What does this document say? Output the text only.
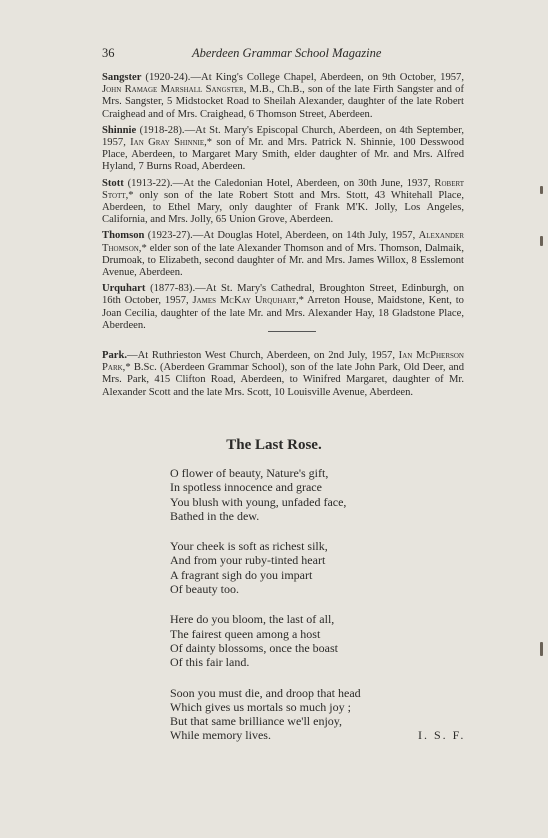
36	Aberdeen Grammar School Magazine

Sangster (1920-24).—At King's College Chapel, Aberdeen, on 9th October, 1957, John Ramage Marshall Sangster, M.B., Ch.B., son of the late Firth Sangster and of Mrs. Sangster, 5 Midstocket Road to Sheilah Alexander, daughter of the late Robert Craighead and of Mrs. Craighead, 6 Thomson Street, Aberdeen.

Shinnie (1918-28).—At St. Mary's Episcopal Church, Aberdeen, on 4th September, 1957, Ian Gray Shinnie,* son of Mr. and Mrs. Patrick N. Shinnie, 100 Desswood Place, Aberdeen, to Margaret Mary Smith, elder daughter of Mr. and Mrs. Alfred Hyland, 7 Burns Road, Aberdeen.

Stott (1913-22).—At the Caledonian Hotel, Aberdeen, on 30th June, 1937, Robert Stott,* only son of the late Robert Stott and Mrs. Stott, 43 Whitehall Place, Aberdeen, to Ethel Mary, only daughter of Frank M'K. Jolly, Los Angeles, California, and Mrs. Jolly, 65 Union Grove, Aberdeen.

Thomson (1923-27).—At Douglas Hotel, Aberdeen, on 14th July, 1957, Alexander Thomson,* elder son of the late Alexander Thomson and of Mrs. Thomson, Dalmaik, Drumoak, to Elizabeth, second daughter of Mr. and Mrs. James Willox, 8 Esslemont Avenue, Aberdeen.

Urquhart (1877-83).—At St. Mary's Cathedral, Broughton Street, Edinburgh, on 16th October, 1957, James McKay Urquhart,* Arreton House, Maidstone, Kent, to Joan Cecilia, daughter of the late Mr. and Mrs. Alexander Hay, 18 Gladstone Place, Aberdeen.

Park.—At Ruthrieston West Church, Aberdeen, on 2nd July, 1957, Ian McPherson Park,* B.Sc. (Aberdeen Grammar School), son of the late John Park, Old Deer, and Mrs. Park, 415 Clifton Road, Aberdeen, to Winifred Margaret, daughter of Mr. Alexander Scott and the late Mrs. Scott, 10 Louisville Avenue, Aberdeen.

The Last Rose.
O flower of beauty, Nature's gift,
In spotless innocence and grace
You blush with young, unfaded face,
Bathed in the dew.
Your cheek is soft as richest silk,
And from your ruby-tinted heart
A fragrant sigh do you impart
Of beauty too.
Here do you bloom, the last of all,
The fairest queen among a host
Of dainty blossoms, once the boast
Of this fair land.
Soon you must die, and droop that head
Which gives us mortals so much joy ;
But that same brilliance we'll enjoy,
While memory lives.	I. S. F.
